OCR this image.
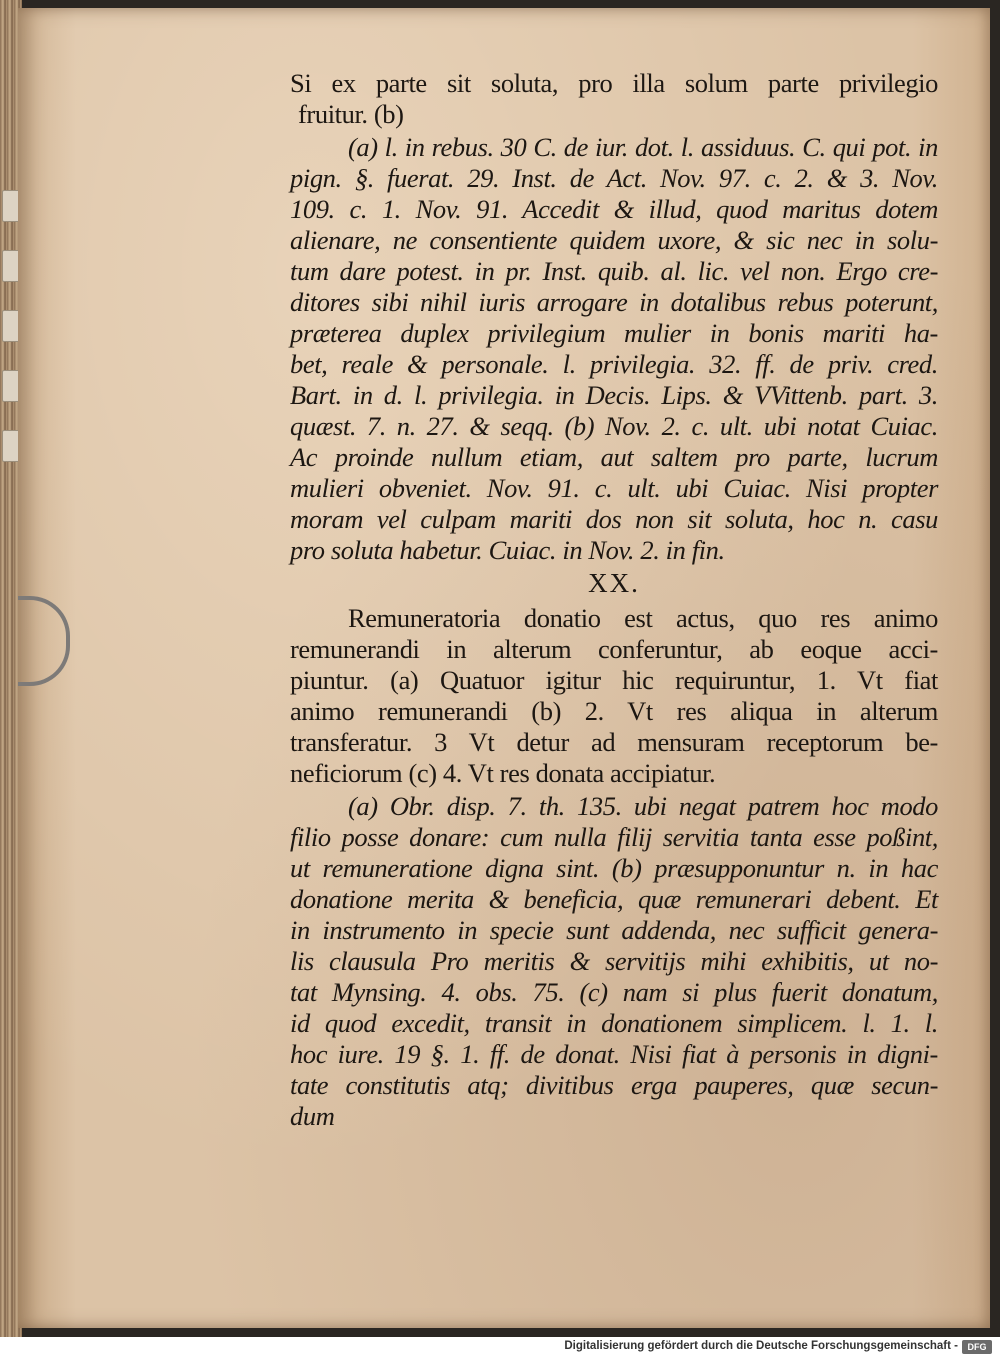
Si ex parte sit soluta, pro illa solum parte privilegio
fruitur. (b)
(a) l. in rebus. 30 C. de iur. dot. l. assiduus. C. qui pot. in
pign. §. fuerat. 29. Inst. de Act. Nov. 97. c. 2. & 3. Nov.
109. c. 1. Nov. 91. Accedit & illud, quod maritus dotem
alienare, ne consentiente quidem uxore, & sic nec in solu-
tum dare potest. in pr. Inst. quib. al. lic. vel non. Ergo cre-
ditores sibi nihil iuris arrogare in dotalibus rebus poterunt,
præterea duplex privilegium mulier in bonis mariti ha-
bet, reale & personale. l. privilegia. 32. ff. de priv. cred.
Bart. in d. l. privilegia. in Decis. Lips. & VVittenb. part. 3.
quæst. 7. n. 27. & seqq. (b) Nov. 2. c. ult. ubi notat Cuiac.
Ac proinde nullum etiam, aut saltem pro parte, lucrum
mulieri obveniet. Nov. 91. c. ult. ubi Cuiac. Nisi propter
moram vel culpam mariti dos non sit soluta, hoc n. casu
pro soluta habetur. Cuiac. in Nov. 2. in fin.
XX.
Remuneratoria donatio est actus, quo res animo
remunerandi in alterum conferuntur, ab eoque acci-
piuntur. (a) Quatuor igitur hic requiruntur, 1. Vt fiat
animo remunerandi (b) 2. Vt res aliqua in alterum
transferatur. 3 Vt detur ad mensuram receptorum be-
neficiorum (c) 4. Vt res donata accipiatur.
(a) Obr. disp. 7. th. 135. ubi negat patrem hoc modo
filio posse donare: cum nulla filij servitia tanta esse poßint,
ut remuneratione digna sint. (b) præsupponuntur n. in hac
donatione merita & beneficia, quæ remunerari debent. Et
in instrumento in specie sunt addenda, nec sufficit genera-
lis clausula Pro meritis & servitijs mihi exhibitis, ut no-
tat Mynsing. 4. obs. 75. (c) nam si plus fuerit donatum,
id quod excedit, transit in donationem simplicem. l. 1. l.
hoc iure. 19 §. 1. ff. de donat. Nisi fiat à personis in digni-
tate constitutis atq; divitibus erga pauperes, quæ secun-
dum
Digitalisierung gefördert durch die Deutsche Forschungsgemeinschaft -	DFG
